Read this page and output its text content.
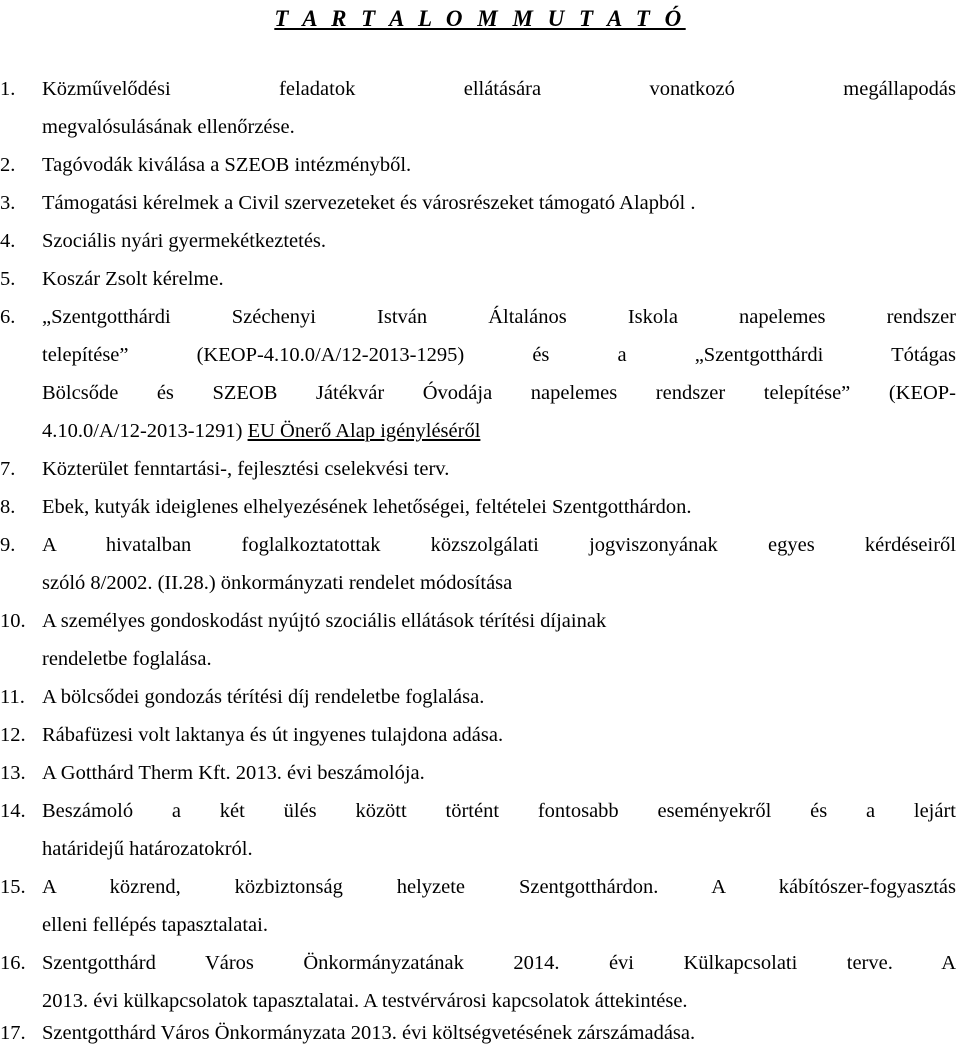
T A R T A L O M M U T A T Ó
1. Közművelődési feladatok ellátására vonatkozó megállapodás
megvalósulásának ellenőrzése.
2. Tagóvodák kiválása a SZEOB intézményből.
3. Támogatási kérelmek a Civil szervezeteket és városrészeket támogató Alapból .
4. Szociális nyári gyermekétkeztetés.
5. Koszár Zsolt kérelme.
6. „Szentgotthárdi Széchenyi István Általános Iskola napelemes rendszer
telepítése” (KEOP-4.10.0/A/12-2013-1295) és a „Szentgotthárdi Tótágas
Bölcsőde és SZEOB Játékvár Óvodája napelemes rendszer telepítése” (KEOP-
4.10.0/A/12-2013-1291) EU Önerő Alap igényléséről
7. Közterület fenntartási-, fejlesztési cselekvési terv.
8. Ebek, kutyák ideiglenes elhelyezésének lehetőségei, feltételei Szentgotthárdon.
9. A hivatalban foglalkoztatottak közszolgálati jogviszonyának egyes kérdéseiről
szóló 8/2002. (II.28.) önkormányzati rendelet módosítása
10. A személyes gondoskodást nyújtó szociális ellátások térítési díjainak
rendeletbe foglalása.
11. A bölcsődei gondozás térítési díj rendeletbe foglalása.
12. Rábafüzesi volt laktanya és út ingyenes tulajdona adása.
13. A Gotthárd Therm Kft. 2013. évi beszámolója.
14. Beszámoló a két ülés között történt fontosabb eseményekről és a lejárt
határidejű határozatokról.
15. A közrend, közbiztonság helyzete Szentgotthárdon. A kábítószer-fogyasztás
elleni fellépés tapasztalatai.
16. Szentgotthárd Város Önkormányzatának 2014. évi Külkapcsolati terve. A
2013. évi külkapcsolatok tapasztalatai. A testvérvárosi kapcsolatok áttekintése.
17. Szentgotthárd Város Önkormányzata 2013. évi költségvetésének zárszámadása.
